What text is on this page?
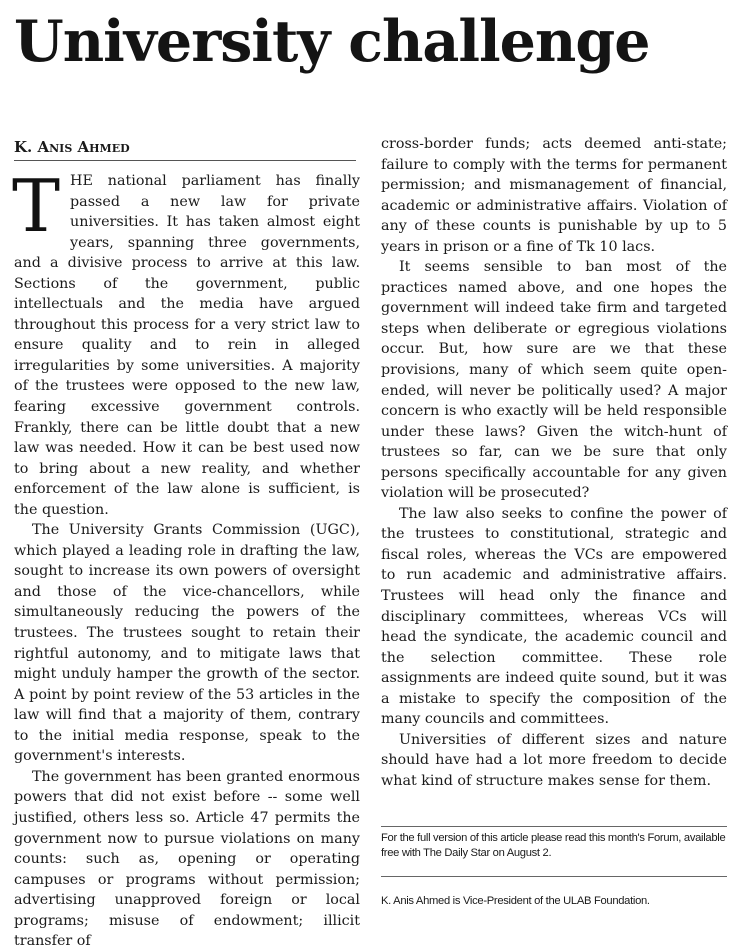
University challenge
K. Anis Ahmed

THE national parliament has finally passed a new law for private universities. It has taken almost eight years, spanning three governments, and a divisive process to arrive at this law. Sections of the government, public intellectuals and the media have argued throughout this process for a very strict law to ensure quality and to rein in alleged irregularities by some universities. A majority of the trustees were opposed to the new law, fearing excessive government controls. Frankly, there can be little doubt that a new law was needed. How it can be best used now to bring about a new reality, and whether enforcement of the law alone is sufficient, is the question.

The University Grants Commission (UGC), which played a leading role in drafting the law, sought to increase its own powers of oversight and those of the vice-chancellors, while simultaneously reducing the powers of the trustees. The trustees sought to retain their rightful autonomy, and to mitigate laws that might unduly hamper the growth of the sector. A point by point review of the 53 articles in the law will find that a majority of them, contrary to the initial media response, speak to the government's interests.

The government has been granted enormous powers that did not exist before -- some well justified, others less so. Article 47 permits the government now to pursue violations on many counts: such as, opening or operating campuses or programs without permission; advertising unapproved foreign or local programs; misuse of endowment; illicit transfer of

cross-border funds; acts deemed anti-state; failure to comply with the terms for permanent permission; and mismanagement of financial, academic or administrative affairs. Violation of any of these counts is punishable by up to 5 years in prison or a fine of Tk 10 lacs.

It seems sensible to ban most of the practices named above, and one hopes the government will indeed take firm and targeted steps when deliberate or egregious violations occur. But, how sure are we that these provisions, many of which seem quite open-ended, will never be politically used? A major concern is who exactly will be held responsible under these laws? Given the witch-hunt of trustees so far, can we be sure that only persons specifically accountable for any given violation will be prosecuted?

The law also seeks to confine the power of the trustees to constitutional, strategic and fiscal roles, whereas the VCs are empowered to run academic and administrative affairs. Trustees will head only the finance and disciplinary committees, whereas VCs will head the syndicate, the academic council and the selection committee. These role assignments are indeed quite sound, but it was a mistake to specify the composition of the many councils and committees.

Universities of different sizes and nature should have had a lot more freedom to decide what kind of structure makes sense for them.

For the full version of this article please read this month's Forum, available free with The Daily Star on August 2.
K. Anis Ahmed is Vice-President of the ULAB Foundation.
